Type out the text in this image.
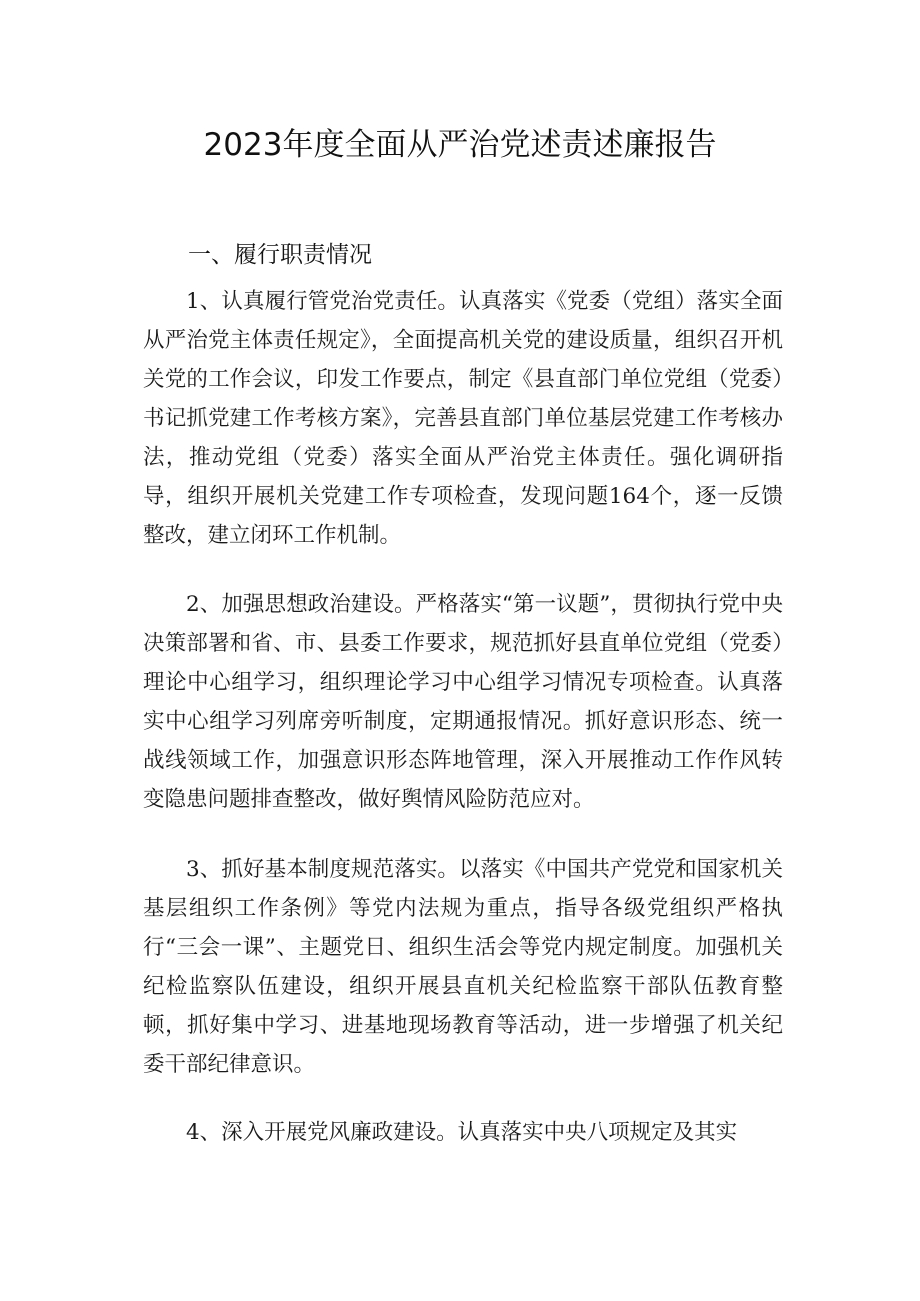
2023年度全面从严治党述责述廉报告
一、履行职责情况

1、认真履行管党治党责任。认真落实《党委（党组）落实全面从严治党主体责任规定》，全面提高机关党的建设质量，组织召开机关党的工作会议，印发工作要点，制定《县直部门单位党组（党委）书记抓党建工作考核方案》，完善县直部门单位基层党建工作考核办法，推动党组（党委）落实全面从严治党主体责任。强化调研指导，组织开展机关党建工作专项检查，发现问题164个，逐一反馈整改，建立闭环工作机制。

2、加强思想政治建设。严格落实“第一议题”，贯彻执行党中央决策部署和省、市、县委工作要求，规范抓好县直单位党组（党委）理论中心组学习，组织理论学习中心组学习情况专项检查。认真落实中心组学习列席旁听制度，定期通报情况。抓好意识形态、统一战线领域工作，加强意识形态阵地管理，深入开展推动工作作风转变隐患问题排查整改，做好舆情风险防范应对。

3、抓好基本制度规范落实。以落实《中国共产党党和国家机关基层组织工作条例》等党内法规为重点，指导各级党组织严格执行“三会一课”、主题党日、组织生活会等党内规定制度。加强机关纪检监察队伍建设，组织开展县直机关纪检监察干部队伍教育整顿，抓好集中学习、进基地现场教育等活动，进一步增强了机关纪委干部纪律意识。

4、深入开展党风廉政建设。认真落实中央八项规定及其实
